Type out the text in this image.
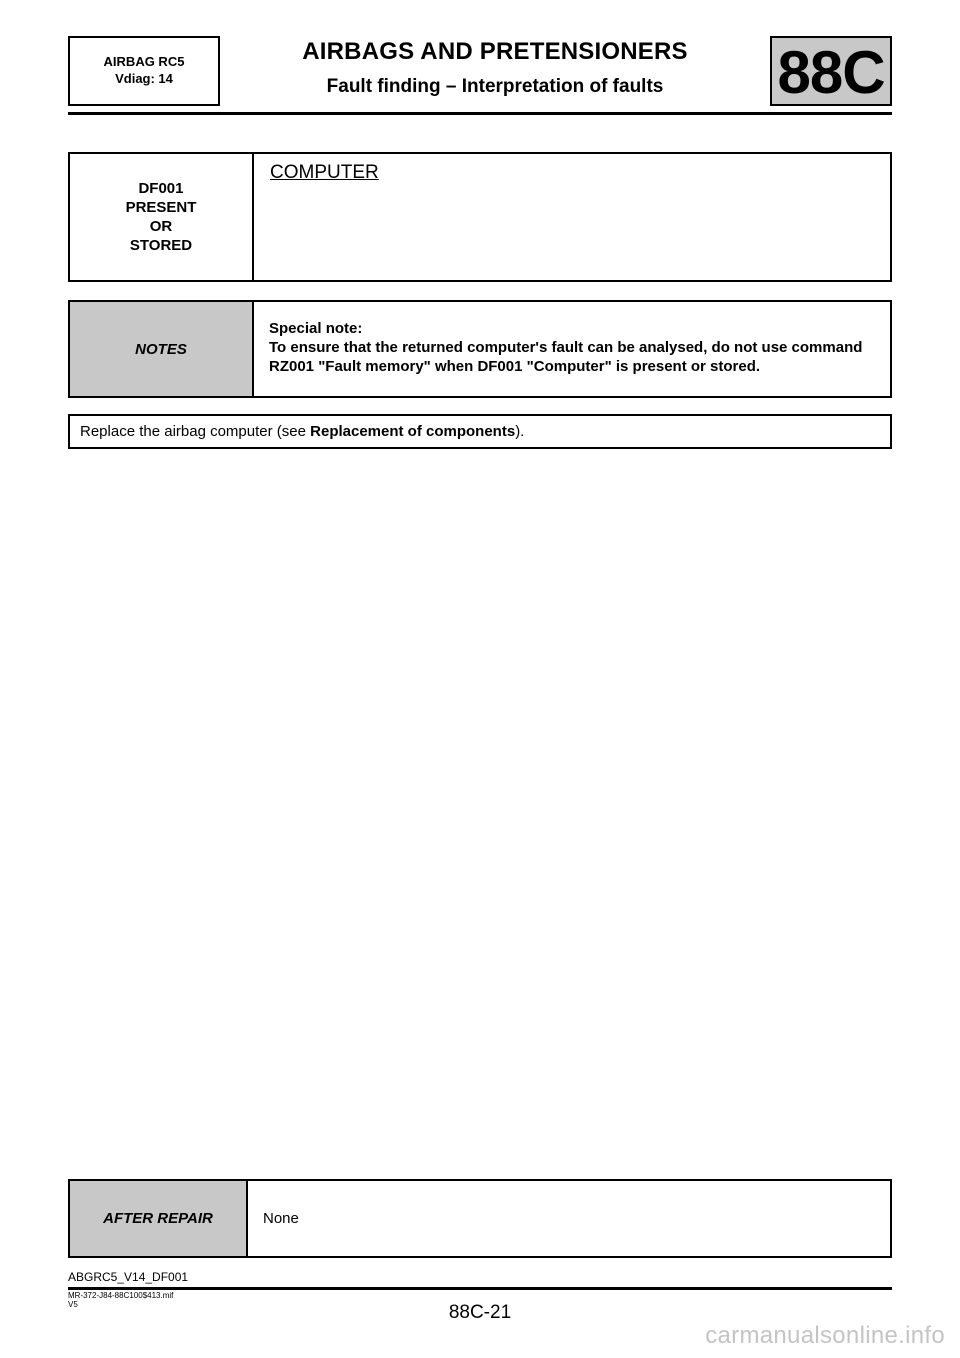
AIRBAG RC5
Vdiag: 14
AIRBAGS AND PRETENSIONERS
Fault finding – Interpretation of faults	88C
DF001
PRESENT
OR
STORED
COMPUTER
NOTES
Special note:
To ensure that the returned computer's fault can be analysed, do not use command RZ001 "Fault memory" when DF001 "Computer" is present or stored.
Replace the airbag computer (see Replacement of components).
AFTER REPAIR	None
ABGRC5_V14_DF001
MR-372-J84-88C100$413.mif
V5	88C-21
carmanualsonline.info
